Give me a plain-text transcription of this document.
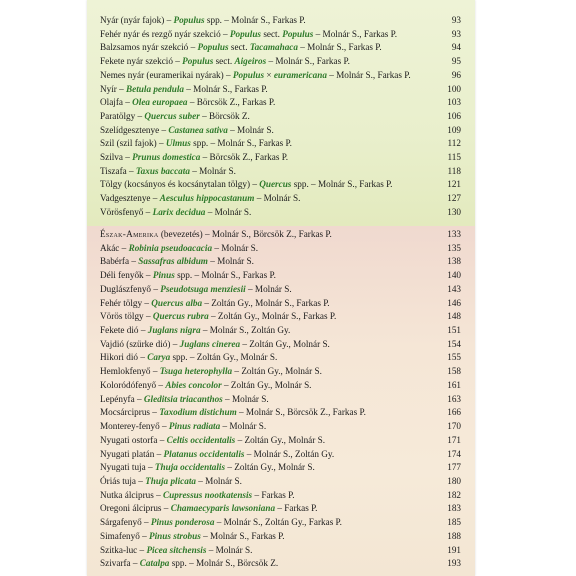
Nyár (nyár fajok) – Populus spp. – Molnár S., Farkas P.	93
Fehér nyár és rezgő nyár szekció – Populus sect. Populus – Molnár S., Farkas P.	93
Balzsamos nyár szekció – Populus sect. Tacamahaca – Molnár S., Farkas P.	94
Fekete nyár szekció – Populus sect. Aigeiros – Molnár S., Farkas P.	95
Nemes nyár (euramerikai nyárak) – Populus × euramericana – Molnár S., Farkas P.	96
Nyír – Betula pendula – Molnár S., Farkas P.	100
Olajfa – Olea europaea – Börcsök Z., Farkas P.	103
Paratölgy – Quercus suber – Börcsök Z.	106
Szelídgesztenye – Castanea sativa – Molnár S.	109
Szil (szil fajok) – Ulmus spp. – Molnár S., Farkas P.	112
Szilva – Prunus domestica – Börcsök Z., Farkas P.	115
Tiszafa – Taxus baccata – Molnár S.	118
Tölgy (kocsányos és kocsánytalan tölgy) – Quercus spp. – Molnár S., Farkas P.	121
Vadgesztenye – Aesculus hippocastanum – Molnár S.	127
Vörösfenyő – Larix decidua – Molnár S.	130
Észak-Amerika (bevezetés) – Molnár S., Börcsök Z., Farkas P.	133
Akác – Robinia pseudoacacia – Molnár S.	135
Babérfa – Sassafras albidum – Molnár S.	138
Déli fenyők – Pinus spp. – Molnár S., Farkas P.	140
Duglászfenyő – Pseudotsuga menziesii – Molnár S.	143
Fehér tölgy – Quercus alba – Zoltán Gy., Molnár S., Farkas P.	146
Vörös tölgy – Quercus rubra – Zoltán Gy., Molnár S., Farkas P.	148
Fekete dió – Juglans nigra – Molnár S., Zoltán Gy.	151
Vajdió (szürke dió) – Juglans cinerea – Zoltán Gy., Molnár S.	154
Hikori dió – Carya spp. – Zoltán Gy., Molnár S.	155
Hemlokfenyő – Tsuga heterophylla – Zoltán Gy., Molnár S.	158
Koloródófenyő – Abies concolor – Zoltán Gy., Molnár S.	161
Lepényfa – Gleditsia triacanthos – Molnár S.	163
Mocsárciprus – Taxodium distichum – Molnár S., Börcsök Z., Farkas P.	166
Monterey-fenyő – Pinus radiata – Molnár S.	170
Nyugati ostorfa – Celtis occidentalis – Zoltán Gy., Molnár S.	171
Nyugati platán – Platanus occidentalis – Molnár S., Zoltán Gy.	174
Nyugati tuja – Thuja occidentalis – Zoltán Gy., Molnár S.	177
Óriás tuja – Thuja plicata – Molnár S.	180
Nutka álciprus – Cupressus nootkatensis – Farkas P.	182
Oregoni álciprus – Chamaecyparis lawsoniana – Farkas P.	183
Sárgafenyő – Pinus ponderosa – Molnár S., Zoltán Gy., Farkas P.	185
Simafenyő – Pinus strobus – Molnár S., Farkas P.	188
Szitka-luc – Picea sitchensis – Molnár S.	191
Szivarfa – Catalpa spp. – Molnár S., Börcsök Z.	193
